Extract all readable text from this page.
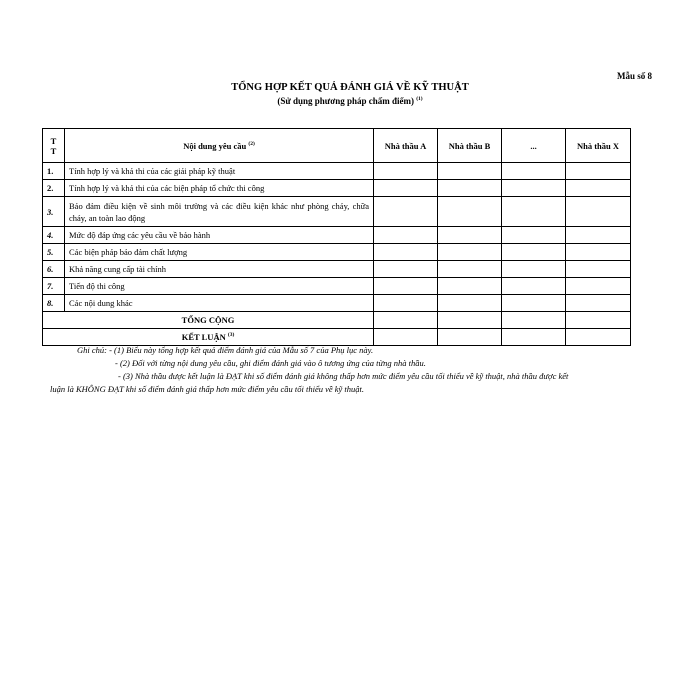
Mẫu số 8
TỔNG HỢP KẾT QUẢ ĐÁNH GIÁ VỀ KỸ THUẬT
(Sử dụng phương pháp chấm điểm) $^{(1)}$
T T	Nội dung yêu cầu $^{(2)}$	Nhà thầu A	Nhà thầu B	...	Nhà thầu X
1.	Tính hợp lý và khả thi của các giải pháp kỹ thuật				
2.	Tính hợp lý và khả thi của các biện pháp tổ chức thi công				
3.	Bảo đảm điều kiện về sinh môi trường và các điều kiện khác như phòng cháy, chữa cháy, an toàn lao động				
4.	Mức độ đáp ứng các yêu cầu về bảo hành				
5.	Các biện pháp bảo đảm chất lượng				
6.	Khả năng cung cấp tài chính				
7.	Tiến độ thi công				
8.	Các nội dung khác				
TỔNG CỘNG					
KẾT LUẬN $^{(3)}$				
Ghi chú: - (1) Biểu này tổng hợp kết quả điểm đánh giá của Mẫu số 7 của Phụ lục này.
- (2) Đối với từng nội dung yêu cầu, ghi điểm đánh giá vào ô tương ứng của từng nhà thầu.
- (3) Nhà thầu được kết luận là ĐẠT khi số điểm đánh giá không thấp hơn mức điểm yêu cầu tối thiểu về kỹ thuật, nhà thầu được kết
luận là KHÔNG ĐẠT khi số điểm đánh giá thấp hơn mức điểm yêu cầu tối thiểu về kỹ thuật.
